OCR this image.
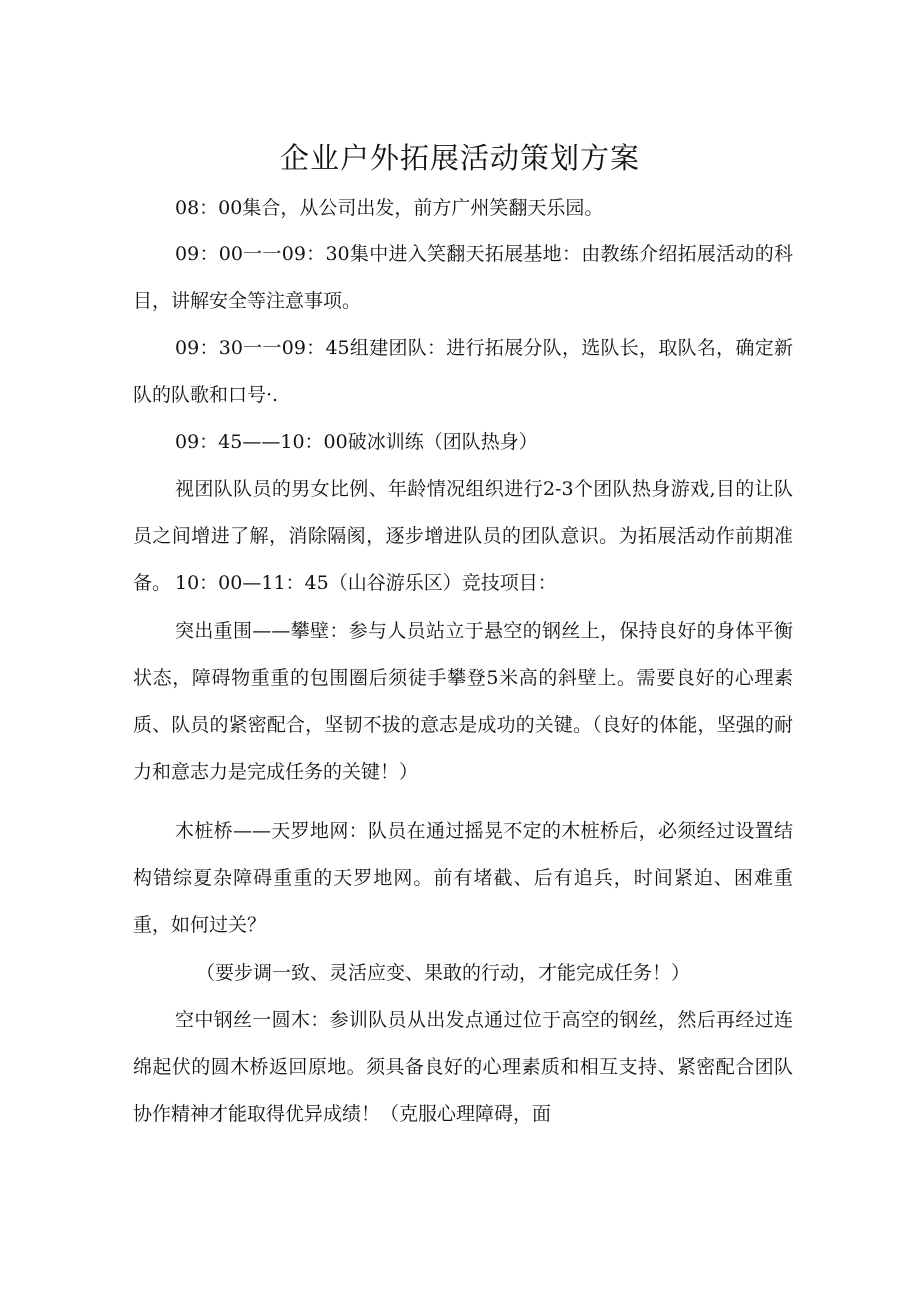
企业户外拓展活动策划方案

08：00集合，从公司出发，前方广州笑翻天乐园。

09：00一一09：30集中进入笑翻天拓展基地：由教练介绍拓展活动的科目，讲解安全等注意事项。

09：30一一09：45组建团队：进行拓展分队，选队长，取队名，确定新队的队歌和口号·.

09：45——10：00破冰训练（团队热身）

视团队队员的男女比例、年龄情况组织进行2-3个团队热身游戏,目的让队员之间增进了解，消除隔阂，逐步增进队员的团队意识。为拓展活动作前期准备。 10：00—11：45（山谷游乐区）竞技项目：

突出重围——攀壁：参与人员站立于悬空的钢丝上，保持良好的身体平衡状态，障碍物重重的包围圈后须徒手攀登5米高的斜壁上。需要良好的心理素质、队员的紧密配合，坚韧不拔的意志是成功的关键。（良好的体能，坚强的耐力和意志力是完成任务的关键！）

木桩桥——天罗地网：队员在通过摇晃不定的木桩桥后，必须经过设置结构错综夏杂障碍重重的天罗地网。前有堵截、后有追兵，时间紧迫、困难重重，如何过关？

（要步调一致、灵活应变、果敢的行动，才能完成任务！）

空中钢丝一圆木：参训队员从出发点通过位于高空的钢丝，然后再经过连绵起伏的圆木桥返回原地。须具备良好的心理素质和相互支持、紧密配合团队协作精神才能取得优异成绩！（克服心理障碍，面
